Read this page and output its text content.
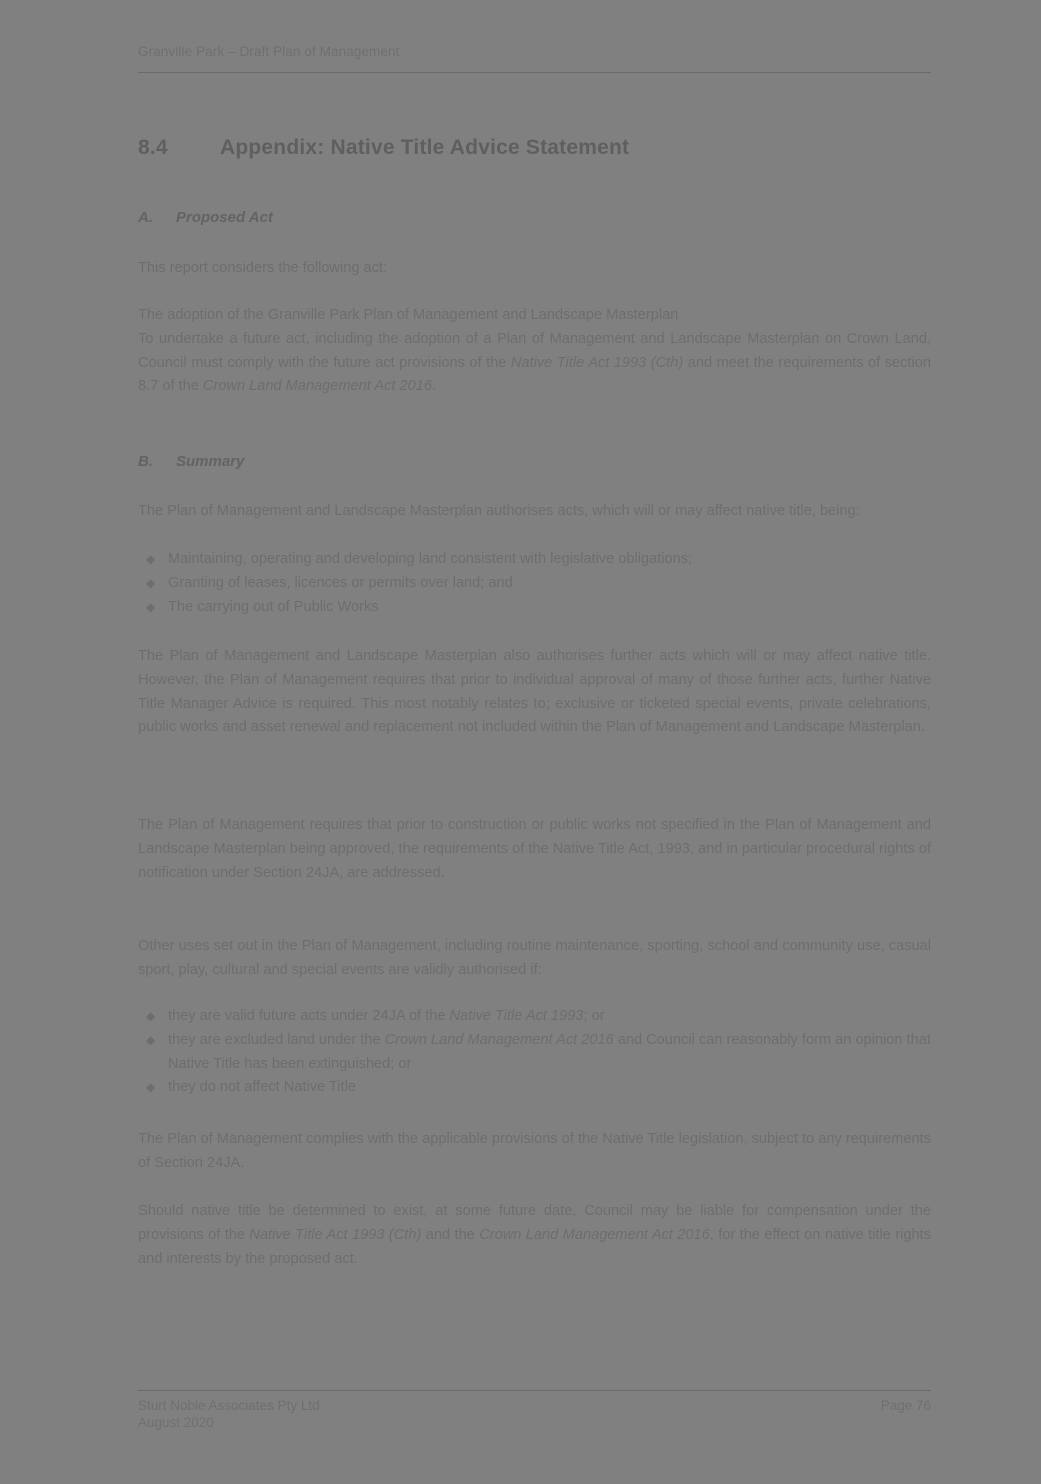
Granville Park – Draft Plan of Management
8.4 Appendix: Native Title Advice Statement
A. Proposed Act

This report considers the following act:

The adoption of the Granville Park Plan of Management and Landscape Masterplan

To undertake a future act, including the adoption of a Plan of Management and Landscape Masterplan on Crown Land, Council must comply with the future act provisions of the Native Title Act 1993 (Cth) and meet the requirements of section 8.7 of the Crown Land Management Act 2016.

B. Summary

The Plan of Management and Landscape Masterplan authorises acts, which will or may affect native title, being:

◆ Maintaining, operating and developing land consistent with legislative obligations;
◆ Granting of leases, licences or permits over land; and
◆ The carrying out of Public Works

The Plan of Management and Landscape Masterplan also authorises further acts which will or may affect native title. However, the Plan of Management requires that prior to individual approval of many of those further acts, further Native Title Manager Advice is required. This most notably relates to; exclusive or ticketed special events, private celebrations, public works and asset renewal and replacement not included within the Plan of Management and Landscape Masterplan.

The Plan of Management requires that prior to construction or public works not specified in the Plan of Management and Landscape Masterplan being approved, the requirements of the Native Title Act, 1993, and in particular procedural rights of notification under Section 24JA, are addressed.

Other uses set out in the Plan of Management, including routine maintenance, sporting, school and community use, casual sport, play, cultural and special events are validly authorised if:

◆ they are valid future acts under 24JA of the Native Title Act 1993; or
◆ they are excluded land under the Crown Land Management Act 2016 and Council can reasonably form an opinion that Native Title has been extinguished; or
◆ they do not affect Native Title

The Plan of Management complies with the applicable provisions of the Native Title legislation, subject to any requirements of Section 24JA.

Should native title be determined to exist, at some future date, Council may be liable for compensation under the provisions of the Native Title Act 1993 (Cth) and the Crown Land Management Act 2016, for the effect on native title rights and interests by the proposed act.

Sturt Noble Associates Pty Ltd	Page 76
August 2020
